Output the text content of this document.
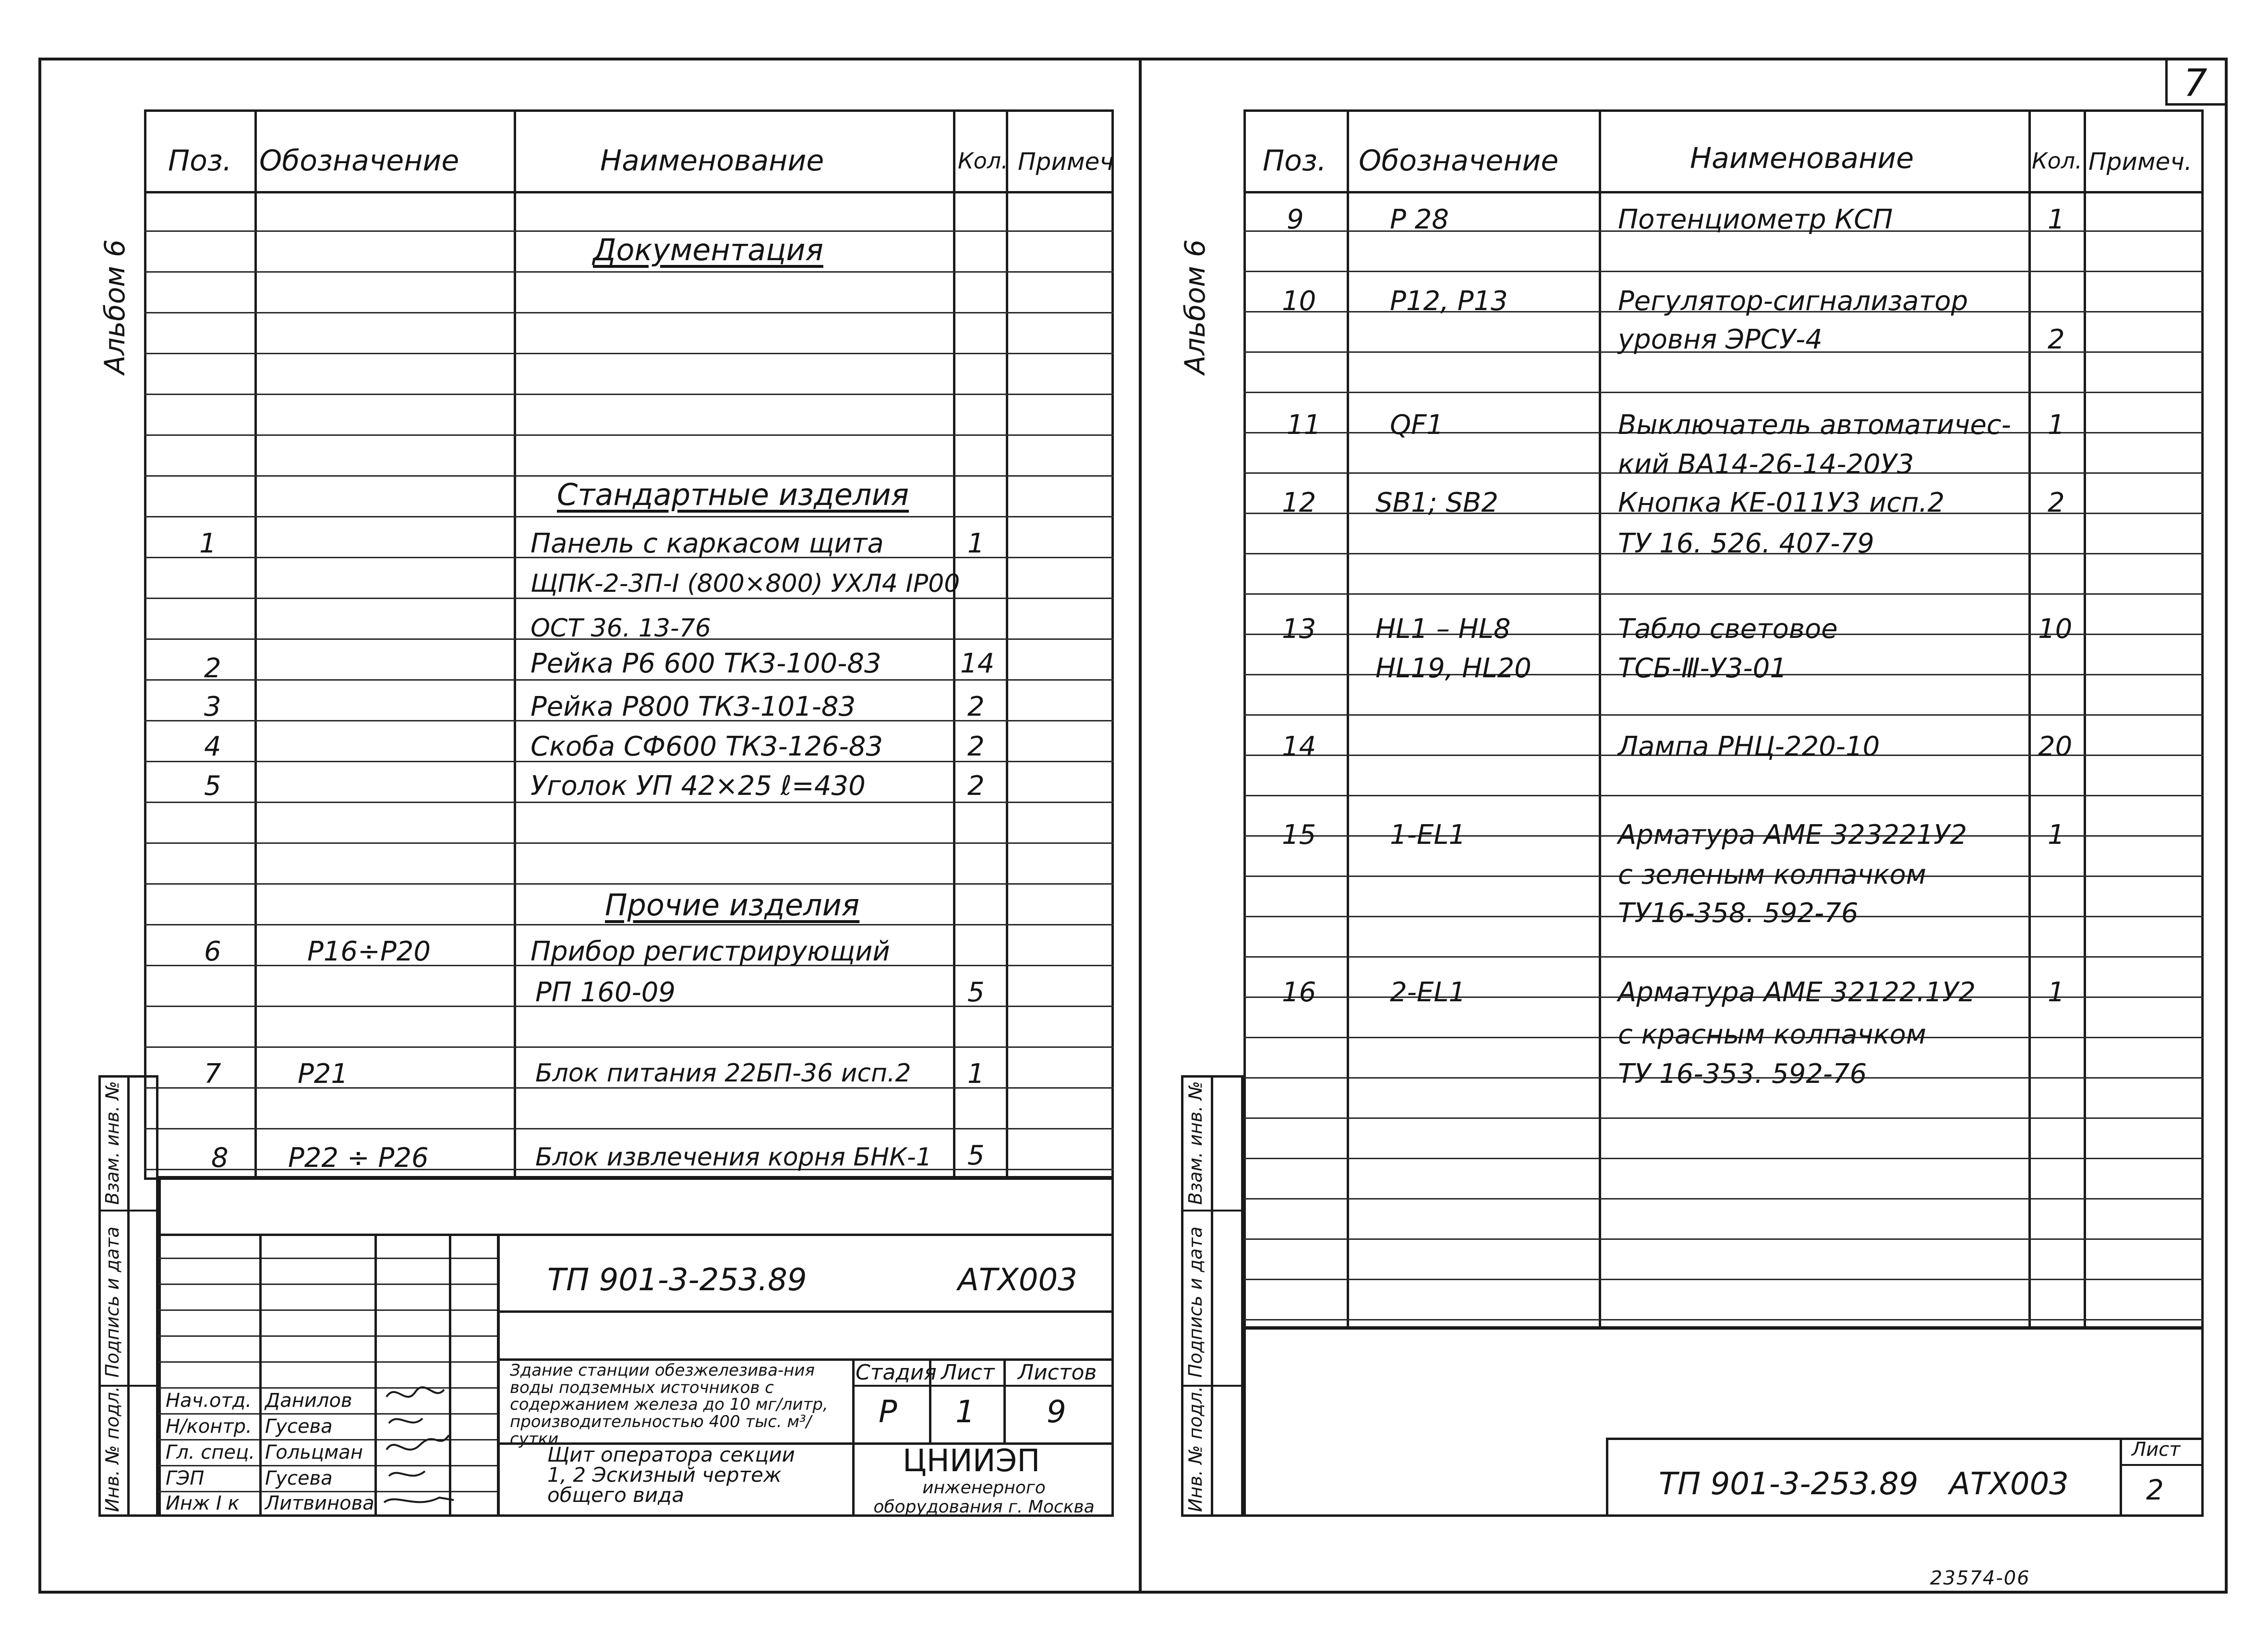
7
Альбом 6
Поз. Обозначение	Наименование	Кол. Примеч
Документация
Стандартные изделия
Прочие изделия
1	Панель с каркасом щита	1
ЩПК-2-3П-I (800×800) УХЛ4 IP00
ОСТ 36. 13-76
2	Рейка Р6 600 ТК3-100-83	14
3	Рейка Р800 ТК3-101-83	2
4	Скоба СФ600 ТК3-126-83	2
5	Уголок УП 42×25 ℓ=430	2
6	Р16÷Р20	Прибор регистрирующий
РП 160-09	5
7	Р21	Блок питания 22БП-36 исп.2 1
8 Р22 ÷ Р26	Блок извлечения корня БНК-1 5
Взам. инв. №
Подпись и дата
Инв. № подл.
ТП 901-3-253.89	АТХ003
Здание станции обезжелезива-ния воды подземных источников с содержанием железа до 10 мг/литр, производительностью 400 тыс. м³/сутки
Стадия Лист Листов
Р 1 9
Щит оператора секции 1, 2 Эскизный чертеж общего вида
ЦНИИЭП
инженерного оборудования г. Москва
Нач.отд. Данилов
Н/контр. Гусева
Гл. спец. Гольцман
ГЭП	Гусева
Инж I к Литвинова
Альбом 6
Поз. Обозначение	Наименование	Кол. Примеч.
9	Р 28	Потенциометр КСП	1
10	Р12, Р13	Регулятор-сигнализатор
уровня ЭРСУ-4	2
11	QF1	Выключатель автоматичес- 1
кий ВА14-26-14-20У3
12 SB1; SB2	Кнопка КЕ-011У3 исп.2	2
ТУ 16. 526. 407-79
13 HL1 – HL8	Табло световое	10
HL19, HL20	ТСБ-Ⅲ-У3-01
14	Лампа РНЦ-220-10	20
15	1-EL1	Арматура АМЕ 323221У2	1
с зеленым колпачком
ТУ16-358. 592-76
16	2-EL1	Арматура АМЕ 32122.1У2	1
с красным колпачком
ТУ 16-353. 592-76
Взам. инв. №
Подпись и дата
Инв. № подл.	ТП 901-3-253.89 АТХ003
Лист
2
23574-06
